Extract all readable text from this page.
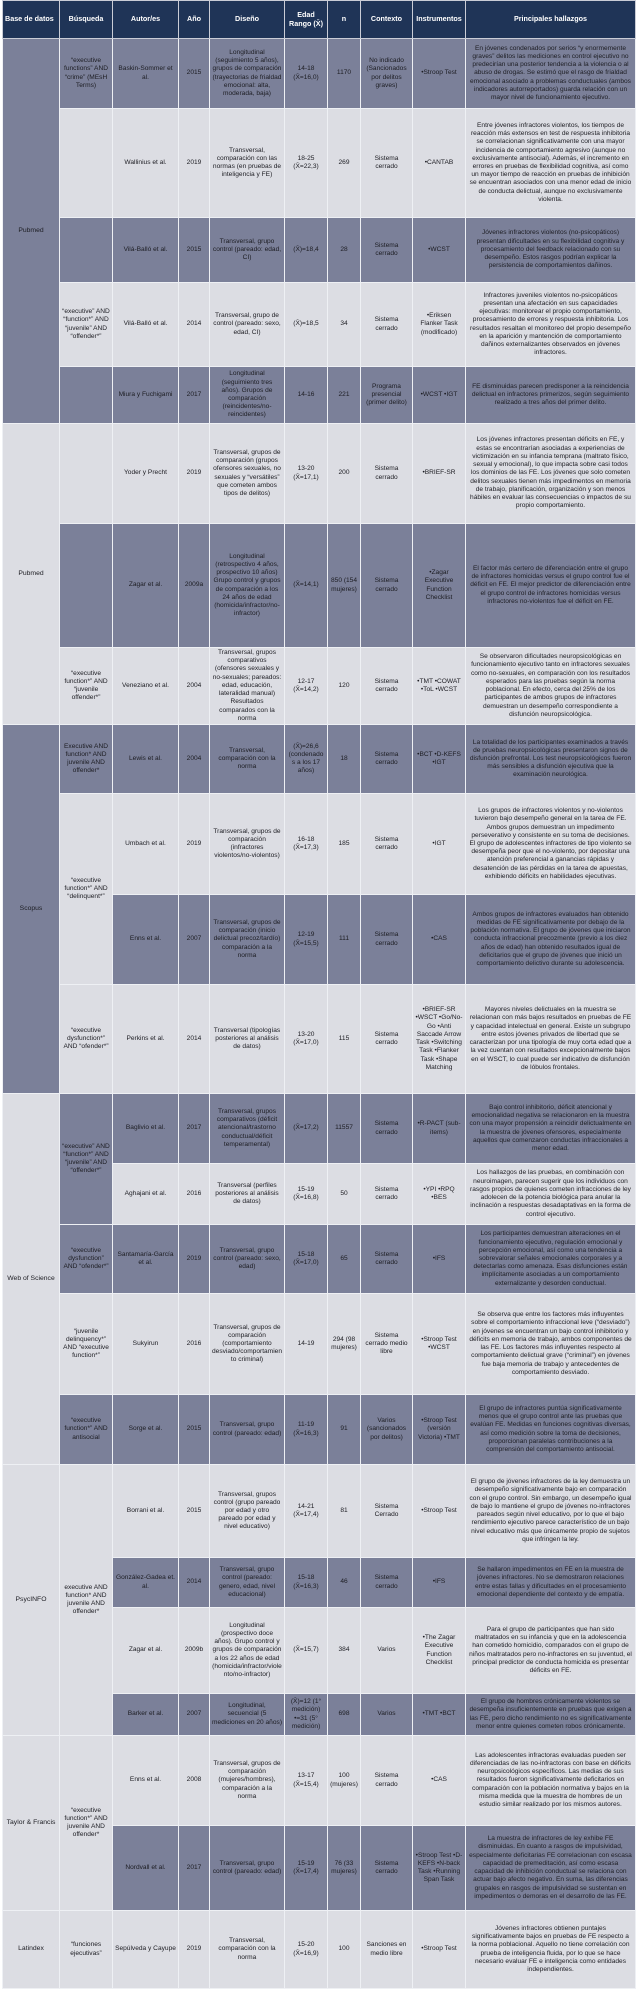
Base de datos	Búsqueda	Autor/es	Año	Diseño	Edad Rango (X̄)	n	Contexto	Instrumentos	Principales hallazgos
Pubmed	“executive functions” AND “crime” (MEsH Terms)	Baskin-Sommer et al.	2015	Longitudinal (seguimiento 5 años), grupos de comparación (trayectorias de frialdad emocional: alta, moderada, baja)	14-18 (X̄=16,0)	1170	No indicado (Sancionados por delitos graves)	•Stroop Test	En jóvenes condenados por serios “y enormemente graves” delitos las mediciones en control ejecutivo no predecirían una posterior tendencia a la violencia o al abuso de drogas. Se estimó que el rasgo de frialdad emocional asociado a problemas conductuales (ambos indicadores autorreportados) guarda relación con un mayor nivel de funcionamiento ejecutivo.
		Wallinius et al.	2019	Transversal, comparación con las normas (en pruebas de inteligencia y FE)	18-25 (X̄=22,3)	269	Sistema cerrado	•CANTAB	Entre jóvenes infractores violentos, los tiempos de reacción más extensos en test de respuesta inhibitoria se correlacionan significativamente con una mayor incidencia de comportamiento agresivo (aunque no exclusivamente antisocial). Además, el incremento en errores en pruebas de flexibilidad cognitiva, así como un mayor tiempo de reacción en pruebas de inhibición se encuentran asociados con una menor edad de inicio de conducta delictual, aunque no exclusivamente violenta.
		Vilá-Balló et al.	2015	Transversal, grupo control (pareado: edad, CI)	(X̄)=18,4	28	Sistema cerrado	•WCST	Jóvenes infractores violentos (no-psicopáticos) presentan dificultades en su flexibilidad cognitiva y procesamiento del feedback relacionado con su desempeño. Estos rasgos podrían explicar la persistencia de comportamientos dañinos.
	“executive” AND “function*” AND “juvenile” AND “offender*”	Vilá-Balló et al.	2014	Transversal, grupo de control (pareado: sexo, edad, CI)	(X̄)=18,5	34	Sistema cerrado	•Eriksen Flanker Task (modificado)	Infractores juveniles violentos no-psicopáticos presentan una afectación en sus capacidades ejecutivas: monitorear el propio comportamiento, procesamiento de errores y respuesta inhibitoria. Los resultados resaltan el monitoreo del propio desempeño en la aparición y mantención de comportamiento dañinos externalizantes observados en jóvenes infractores.
		Miura y Fuchigami	2017	Longitudinal (seguimiento tres años). Grupos de comparación (reincidentes/no-reincidentes)	14-16	221	Programa presencial (primer delito)	•WCST •IGT	FE disminuidas parecen predisponer a la reincidencia delictual en infractores primerizos, según seguimiento realizado a tres años del primer delito.
Pubmed		Yoder y Precht	2019	Transversal, grupos de comparación (grupos ofensores sexuales, no sexuales y “versátiles” que cometen ambos tipos de delitos)	13-20 (X̄=17,1)	200	Sistema cerrado	•BRIEF-SR	Los jóvenes infractores presentan déficits en FE, y estas se encontrarían asociadas a experiencias de victimización en su infancia temprana (maltrato físico, sexual y emocional), lo que impacta sobre casi todos los dominios de las FE. Los jóvenes que solo cometen delitos sexuales tienen más impedimentos en memoria de trabajo, planificación, organización y son menos hábiles en evaluar las consecuencias o impactos de su propio comportamiento.
		Zagar et al.	2009a	Longitudinal (retrospectivo 4 años, prospectivo 10 años) Grupo control y grupos de comparación a los 24 años de edad (homicida/infractor/no-infractor)	(X̄=14,1)	850 (154 mujeres)	Sistema cerrado	•Zagar Executive Function Checklist	El factor más certero de diferenciación entre el grupo de infractores homicidas versus el grupo control fue el déficit en FE. El mejor predictor de diferenciación entre el grupo control de infractores homicidas versus infractores no-violentos fue el déficit en FE.
	“executive function*” AND “juvenile offender*”	Veneziano et al.	2004	Transversal, grupos comparativos (ofensores sexuales y no-sexuales; pareados: edad, educación, lateralidad manual) Resultados comparados con la norma	12-17 (X̄=14,2)	120	Sistema cerrado	•TMT •COWAT •ToL •WCST	Se observaron dificultades neuropsicológicas en funcionamiento ejecutivo tanto en infractores sexuales como no-sexuales, en comparación con los resultados esperados para las pruebas según la norma poblacional. En efecto, cerca del 25% de los participantes de ambos grupos de infractores demuestran un desempeño correspondiente a disfunción neuropsicológica.
Scopus	Executive AND function* AND juvenile AND offender*	Lewis et al.	2004	Transversal, comparación con la norma	(X̄)=26,6 (condenados a los 17 años)	18	Sistema cerrado	•BCT •D-KEFS •IGT	La totalidad de los participantes examinados a través de pruebas neuropsicológicas presentaron signos de disfunción prefrontal. Los test neuropsicológicos fueron más sensibles a disfunción ejecutiva que la examinación neurológica.
	“executive function*” AND “delinquent*”	Umbach et al.	2019	Transversal, grupos de comparación (infractores violentos/no-violentos)	16-18 (X̄=17,3)	185	Sistema cerrado	•IGT	Los grupos de infractores violentos y no-violentos tuvieron bajo desempeño general en la tarea de FE. Ambos grupos demuestran un impedimento perseverativo y consistente en su toma de decisiones. El grupo de adolescentes infractores de tipo violento se desempeña peor que el no-violento, por depositar una atención preferencial a ganancias rápidas y desatención de las pérdidas en la tarea de apuestas, exhibiendo déficits en habilidades ejecutivas.
		Enns et al.	2007	Transversal, grupos de comparación (inicio delictual precoz/tardío) comparación a la norma	12-19 (X̄=15,5)	111	Sistema cerrado	•CAS	Ambos grupos de infractores evaluados han obtenido medidas de FE significativamente por debajo de la población normativa. El grupo de jóvenes que iniciaron conducta infraccional precozmente (previo a los diez años de edad) han obtenido resultados igual de deficitarios que el grupo de jóvenes que inició un comportamiento delictivo durante su adolescencia.
	“executive dysfunction*” AND “ofender*”	Perkins et al.	2014	Transversal (tipologías posteriores al análisis de datos)	13-20 (X̄=17,0)	115	Sistema cerrado	•BRIEF-SR •WSCT •Go/No-Go •Anti Saccade Arrow Task •Switching Task •Flanker Task •Shape Matching	Mayores niveles delictuales en la muestra se relacionan con más bajos resultados en pruebas de FE y capacidad intelectual en general. Existe un subgrupo entre estos jóvenes privados de libertad que se caracterizan por una tipología de muy corta edad que a la vez cuentan con resultados excepcionalmente bajos en el WSCT, lo cual puede ser indicativo de disfunción de lóbulos frontales.
Web of Science	“executive” AND “function*” AND “juvenile” AND “offender*”	Baglivio et al.	2017	Transversal, grupos comparativos (déficit atencional/trastorno conductual/déficit temperamental)	(X̄=17,2)	11557	Sistema cerrado	•R-PACT (sub-items)	Bajo control inhibitorio, déficit atencional y emocionalidad negativa se relacionaron en la muestra con una mayor propensión a reincidir delictualmente en la muestra de jóvenes ofensores, especialmente aquellos que comenzaron conductas infraccionales a menor edad.
		Aghajani et al.	2016	Transversal (perfiles posteriores al análisis de datos)	15-19 (X̄=16,8)	50	Sistema cerrado	•YPI •RPQ •BES	Los hallazgos de las pruebas, en combinación con neuroimagen, parecen sugerir que los individuos con rasgos propios de quienes cometen infracciones de ley adolecen de la potencia biológica para anular la inclinación a respuestas desadaptativas en la forma de control ejecutivo.
	“executive dysfunction” AND “ofender*”	Santamaría-García et al.	2019	Transversal, grupo control (pareado: sexo, edad)	15-18 (X̄=17,0)	65	Sistema cerrado	•IFS	Los participantes demuestran alteraciones en el funcionamiento ejecutivo, regulación emocional y percepción emocional, así como una tendencia a sobrevalorar señales emocionales corporales y a detectarlas como amenaza. Esas disfunciones están implícitamente asociadas a un comportamiento externalizante y desorden conductual.
	“juvenile delinquency*” AND “executive function*”	Sukyirun	2016	Transversal, grupos de comparación (comportamiento desviado/comportamiento criminal)	14-19	294 (98 mujeres)	Sistema cerrado medio libre	•Stroop Test •WCST	Se observa que entre los factores más influyentes sobre el comportamiento infraccional leve (“desviado”) en jóvenes se encuentran un bajo control inhibitorio y déficits en memoria de trabajo, ambos componentes de las FE. Los factores más influyentes respecto al comportamiento delictual grave (“criminal”) en jóvenes fue baja memoria de trabajo y antecedentes de comportamiento desviado.
	“executive function*” AND antisocial	Sorge et al.	2015	Transversal, grupo control (pareado: edad)	11-19 (X̄=16,3)	91	Varios (sancionados por delitos)	•Stroop Test (versión Victoria) •TMT	El grupo de infractores puntúa significativamente menos que el grupo control ante las pruebas que evalúan FE. Medidas en funciones cognitivas diversas, así como medición sobre la toma de decisiones, proporcionan paralelas contribuciones a la comprensión del comportamiento antisocial.
PsycINFO	executive AND function* AND juvenile AND offender*	Borrani et al.	2015	Transversal, grupos control (grupo pareado por edad y otro pareado por edad y nivel educativo)	14-21 (X̄=17,4)	81	Sistema Cerrado	•Stroop Test	El grupo de jóvenes infractores de la ley demuestra un desempeño significativamente bajo en comparación con el grupo control. Sin embargo, un desempeño igual de bajo lo mantiene el grupo de jóvenes no-infractores pareados según nivel educativo, por lo que el bajo rendimiento ejecutivo parece característico de un bajo nivel educativo más que únicamente propio de sujetos que infringen la ley.
		González-Gadea et. al.	2014	Transversal, grupo control (pareado: genero, edad, nivel educacional)	15-18 (X̄=16,3)	46	Sistema cerrado	•IFS	Se hallaron impedimentos en FE en la muestra de jóvenes infractores. No se demostraron relaciones entre estas fallas y dificultades en el procesamiento emocional dependiente del contexto y de empatía.
		Zagar et al.	2009b	Longitudinal (prospectivo doce años). Grupo control y grupos de comparación a los 22 años de edad (homicida/infractor/violento/no-infractor)	(X̄=15,7)	384	Varios	•The Zagar Executive Function Checklist	Para el grupo de participantes que han sido maltratados en su infancia y que en la adolescencia han cometido homicidio, comparados con el grupo de niños maltratados pero no-infractores en su juventud, el principal predictor de conducta homicida es presentar déficits en FE.
		Barker et al.	2007	Longitudinal, secuencial (5 mediciones en 20 años)	(X̄)=12 (1° medición) •=31 (5° medición)	698	Varios	•TMT •BCT	El grupo de hombres crónicamente violentos se desempeña insuficientemente en pruebas que exigen a las FE, pero dicho rendimiento no es significativamente menor entre quienes cometen robos crónicamente.
Taylor & Francis	“executive function*” AND juvenile AND offender*	Enns et al.	2008	Transversal, grupos de comparación (mujeres/hombres), comparación a la norma	13-17 (X̄=15,4)	100 (mujeres)	Sistema cerrado	•CAS	Las adolescentes infractoras evaluadas pueden ser diferenciadas de las no-infractoras con base en déficits neuropsicológicos específicos. Las medias de sus resultados fueron significativamente deficitarios en comparación con la población normativa y bajos en la misma medida que la muestra de hombres de un estudio similar realizado por los mismos autores.
		Nordvall et al.	2017	Transversal, grupo control (pareado: edad)	15-19 (X̄=17,4)	76 (33 mujeres)	Sistema cerrado	•Stroop Test •D-KEFS •N-back Task •Running Span Task	La muestra de infractores de ley exhibe FE disminuidas. En cuanto a rasgos de impulsividad, especialmente deficitarias FE correlacionan con escasa capacidad de premeditación, así como escasa capacidad de inhibición conductual se relaciona con actuar bajo afecto negativo. En suma, las diferencias grupales en rasgos de impulsividad se sustentan en impedimentos o demoras en el desarrollo de las FE.
Latindex	“funciones ejecutivas”	Sepúlveda y Cayupe	2019	Transversal, comparación con la norma	15-20 (X̄=16,9)	100	Sanciones en medio libre	•Stroop Test	Jóvenes infractores obtienen puntajes significativamente bajos en pruebas de FE respecto a la norma poblacional. Aquello no tiene correlación con prueba de inteligencia fluida, por lo que se hace necesario evaluar FE e inteligencia como entidades independientes.
